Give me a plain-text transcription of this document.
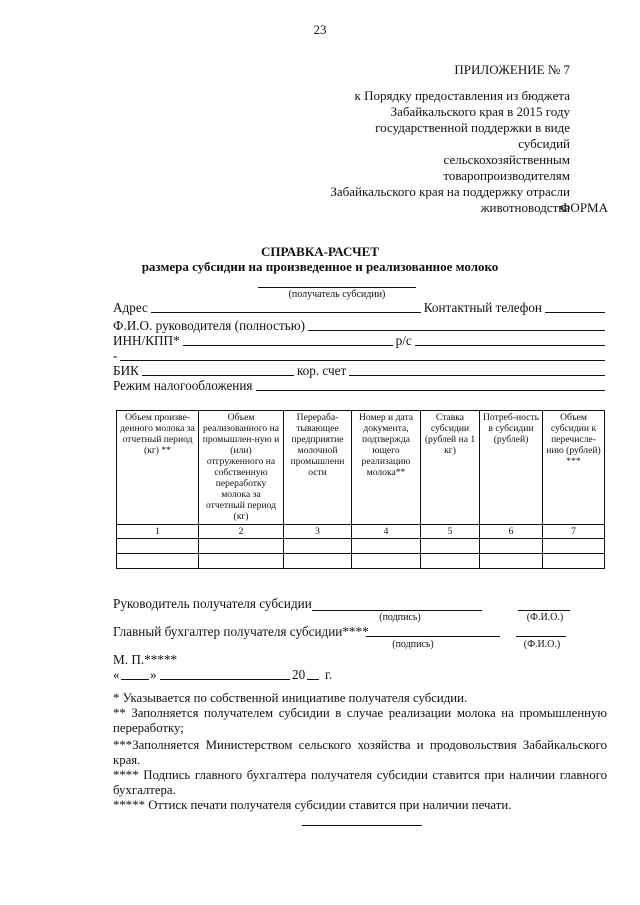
23
ПРИЛОЖЕНИЕ № 7
к Порядку предоставления из бюджета
Забайкальского края в 2015 году
государственной поддержки в виде субсидий
сельскохозяйственным товаропроизводителям
Забайкальского края на поддержку отрасли
животноводства
ФОРМА
СПРАВКА-РАСЧЕТ
размера субсидии на произведенное и реализованное молоко
(получатель субсидии)
Адрес	Контактный телефон
Ф.И.О. руководителя (полностью)
ИНН/КПП*	р/с
-
БИК	кор. счет
Режим налогообложения
Объем произве-денного молока за отчетный период (кг) **	Объем реализованного на промышлен-ную и (или) отгруженного на собственную переработку молока за отчетный период (кг)	Перераба-тывающее предприятие молочной промышленн ости	Номер и дата документа, подтвержда ющего реализацию молока**	Ставка субсидии (рублей на 1 кг)	Потреб-ность в субсидии (рублей)	Объем субсидии к перечисле-нию (рублей) ***
1	2	3	4	5	6	7

Руководитель получателя субсидии
(подпись)	(Ф.И.О.)
Главный бухгалтер получателя субсидии****
(подпись)	(Ф.И.О.)
М. П.*****
« »	20 г.
* Указывается по собственной инициативе получателя субсидии.
** Заполняется получателем субсидии в случае реализации молока на промышленную переработку;
***Заполняется Министерством сельского хозяйства и продовольствия Забайкальского края.
**** Подпись главного бухгалтера получателя субсидии ставится при наличии главного бухгалтера.
***** Оттиск печати получателя субсидии ставится при наличии печати.
